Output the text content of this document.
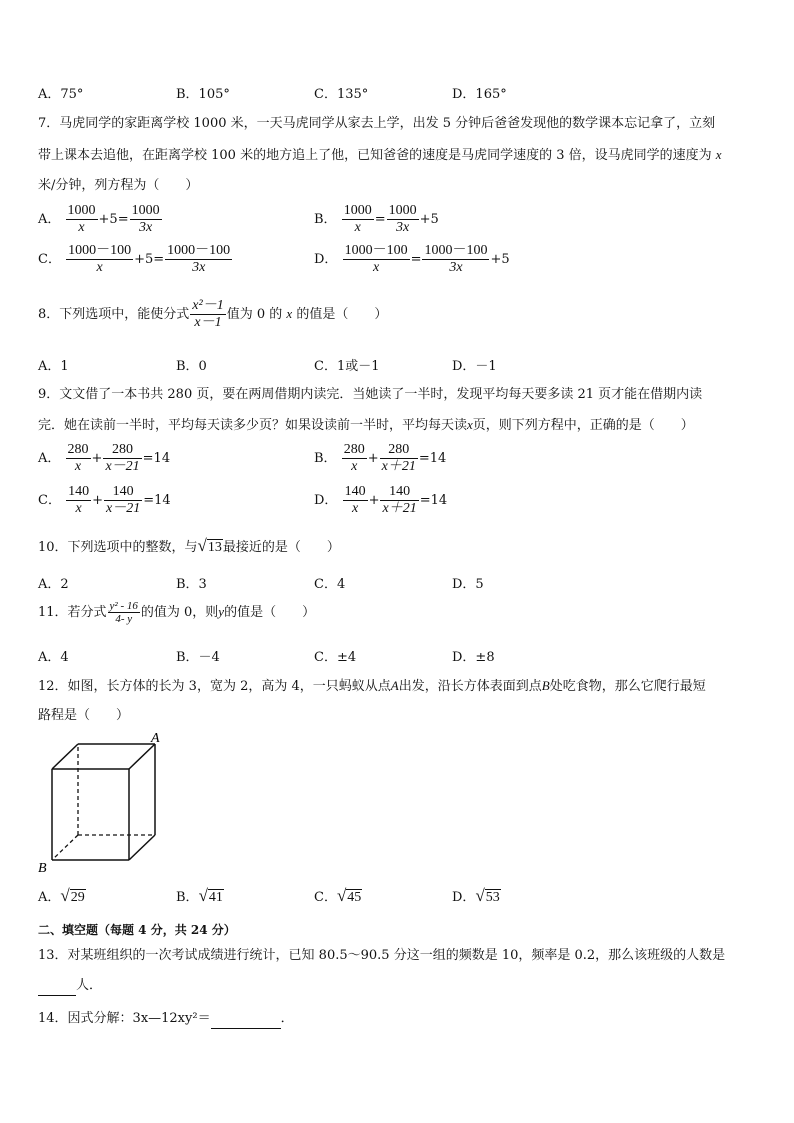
A．75°	B．105°	C．135°	D．165°
7．马虎同学的家距离学校 1000 米，一天马虎同学从家去上学，出发 5 分钟后爸爸发现他的数学课本忘记拿了，立刻
带上课本去追他，在距离学校 100 米的地方追上了他，已知爸爸的速度是马虎同学速度的 3 倍，设马虎同学的速度为 x
米/分钟，列方程为（　　）
A． $\frac{1000}{x} +5= \frac{1000}{3x}$	B． $\frac{1000}{x} = \frac{1000}{3x} +5$
C． $\frac{1000-100}{x} +5= \frac{1000-100}{3x}$	D． $\frac{1000-100}{x} = \frac{1000-100}{3x} +5$
8．下列选项中，能使分式 $\frac{\text{x²－1}}{x-1}$ 值为 0 的 x 的值是（　　）
A．1	B．0	C．1或－1	D．－1
9．文文借了一本书共 280 页，要在两周借期内读完．当她读了一半时，发现平均每天要多读 21 页才能在借期内读
完．她在读前一半时，平均每天读多少页？如果设读前一半时，平均每天读x页，则下列方程中，正确的是（　　）
A． $\frac{280}{x} + \frac{280}{x-21} =14$	B． $\frac{280}{x} + \frac{280}{x+21} =14$
C． $\frac{140}{x} + \frac{140}{x-21} =14$	D． $\frac{140}{x} + \frac{140}{x+21} =14$
10．下列选项中的整数，与√13最接近的是（　　）
A．2	B．3	C．4	D．5
11．若分式 $\frac{\text{y² - 16}}{4- y}$ 的值为 0，则y的值是（　　）
A．4	B．－4	C．±4	D．±8
12．如图，长方体的长为 3，宽为 2，高为 4，一只蚂蚁从点A出发，沿长方体表面到点B处吃食物，那么它爬行最短
路程是（　　）
A
B
A．√29	B．√41	C．√45	D．√53
二、填空题（每题 4 分，共 24 分）
13．对某班组织的一次考试成绩进行统计，已知 80.5～90.5 分这一组的频数是 10，频率是 0.2，那么该班级的人数是
人．
14．因式分解：3x—12xy²＝	．
